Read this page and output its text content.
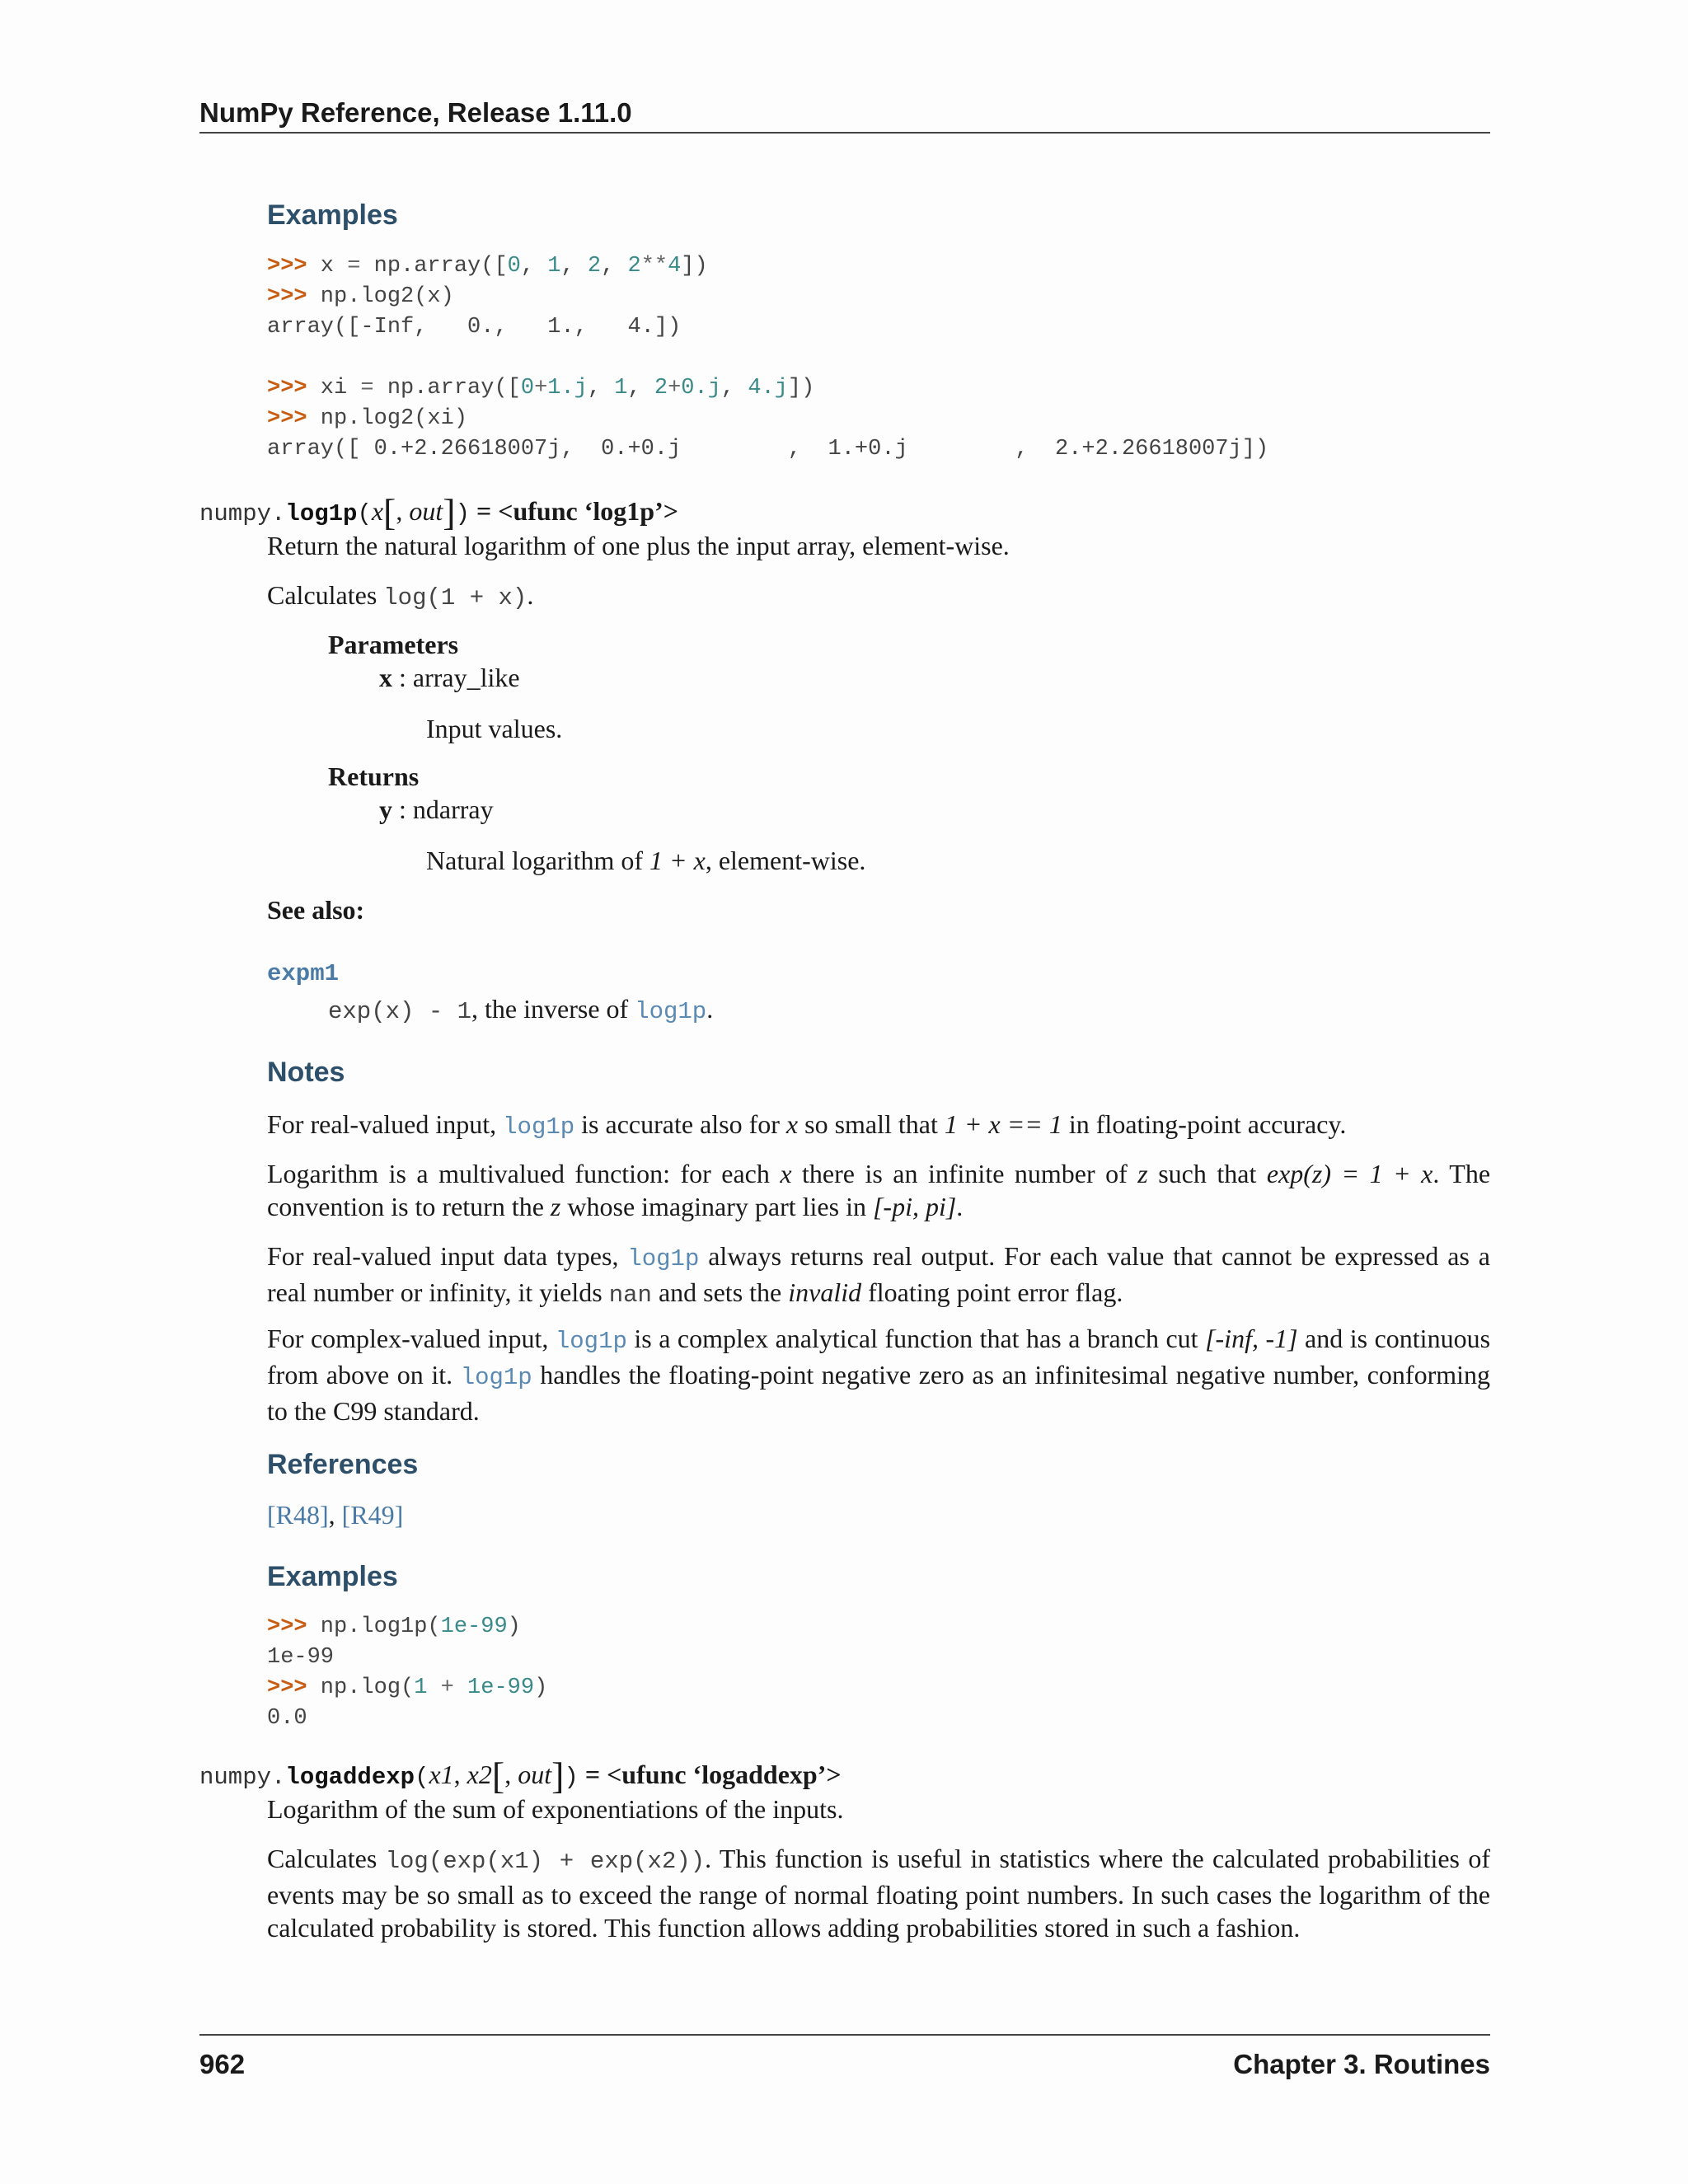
NumPy Reference, Release 1.11.0
Examples
>>> x = np.array([0, 1, 2, 2**4])
>>> np.log2(x)
array([-Inf,   0.,   1.,   4.])

>>> xi = np.array([0+1.j, 1, 2+0.j, 4.j])
>>> np.log2(xi)
array([ 0.+2.26618007j,  0.+0.j        ,  1.+0.j        ,  2.+2.26618007j])
numpy.log1p(x[, out]) = <ufunc ‘log1p’>
Return the natural logarithm of one plus the input array, element-wise.
Calculates log(1 + x).
Parameters
x : array_like
Input values.
Returns
y : ndarray
Natural logarithm of 1 + x, element-wise.
See also:
expm1
exp(x) - 1, the inverse of log1p.
Notes
For real-valued input, log1p is accurate also for x so small that 1 + x == 1 in floating-point accuracy.
Logarithm is a multivalued function: for each x there is an infinite number of z such that exp(z) = 1 + x. The convention is to return the z whose imaginary part lies in [-pi, pi].
For real-valued input data types, log1p always returns real output. For each value that cannot be expressed as a real number or infinity, it yields nan and sets the invalid floating point error flag.
For complex-valued input, log1p is a complex analytical function that has a branch cut [-inf, -1] and is continuous from above on it. log1p handles the floating-point negative zero as an infinitesimal negative number, conforming to the C99 standard.
References
[R48], [R49]
Examples
>>> np.log1p(1e-99)
1e-99
>>> np.log(1 + 1e-99)
0.0
numpy.logaddexp(x1, x2[, out]) = <ufunc ‘logaddexp’>
Logarithm of the sum of exponentiations of the inputs.
Calculates log(exp(x1) + exp(x2)). This function is useful in statistics where the calculated probabilities of events may be so small as to exceed the range of normal floating point numbers. In such cases the logarithm of the calculated probability is stored. This function allows adding probabilities stored in such a fashion.
962	Chapter 3. Routines
